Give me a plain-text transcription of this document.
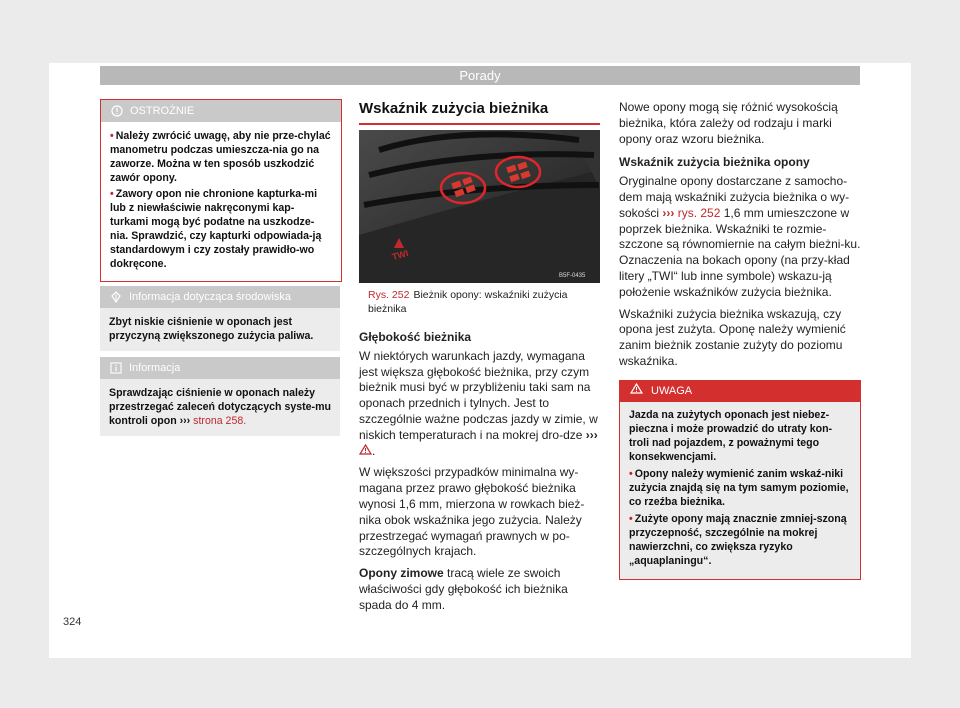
Porady
OSTROŻNIE

• Należy zwrócić uwagę, aby nie prze-chylać manometru podczas umieszcza-nia go na zaworze. Można w ten sposób uszkodzić zawór opony.

• Zawory opon nie chronione kapturka-mi lub z niewłaściwie nakręconymi kap-turkami mogą być podatne na uszkodze-nia. Sprawdzić, czy kapturki odpowiada-ją standardowym i czy zostały prawidło-wo dokręcone.

Informacja dotycząca środowiska
Zbyt niskie ciśnienie w oponach jest przyczyną zwiększonego zużycia paliwa.
Informacja
Sprawdzając ciśnienie w oponach należy przestrzegać zaleceń dotyczących syste-mu kontroli opon ››› strona 258.
Wskaźnik zużycia bieżnika
TWI
B5F-0435
Rys. 252 Bieżnik opony: wskaźniki zużycia bieżnika
Głębokość bieżnika

W niektórych warunkach jazdy, wymagana jest większa głębokość bieżnika, przy czym bieżnik musi być w przybliżeniu taki sam na oponach przednich i tylnych. Jest to szczególnie ważne podczas jazdy w zimie, w niskich temperaturach i na mokrej dro-dze ››› .

W większości przypadków minimalna wy-magana przez prawo głębokość bieżnika wynosi 1,6 mm, mierzona w rowkach bież-nika obok wskaźnika jego zużycia. Należy przestrzegać wymagań prawnych w po-szczególnych krajach.

Opony zimowe tracą wiele ze swoich właściwości gdy głębokość ich bieżnika spada do 4 mm.

Nowe opony mogą się różnić wysokością bieżnika, która zależy od rodzaju i marki opony oraz wzoru bieżnika.

Wskaźnik zużycia bieżnika opony

Oryginalne opony dostarczane z samocho-dem mają wskaźniki zużycia bieżnika o wy-sokości ››› rys. 252 1,6 mm umieszczone w poprzek bieżnika. Wskaźniki te rozmie-szczone są równomiernie na całym bieżni-ku. Oznaczenia na bokach opony (na przy-kład litery „TWI“ lub inne symbole) wskazu-ją położenie wskaźników zużycia bieżnika.

Wskaźniki zużycia bieżnika wskazują, czy opona jest zużyta. Oponę należy wymienić zanim bieżnik zostanie zużyty do poziomu wskaźnika.

UWAGA

Jazda na zużytych oponach jest niebez-pieczna i może prowadzić do utraty kon-troli nad pojazdem, z poważnymi tego konsekwencjami.

• Opony należy wymienić zanim wskaź-niki zużycia znajdą się na tym samym poziomie, co rzeźba bieżnika.

• Zużyte opony mają znacznie zmniej-szoną przyczepność, szczególnie na mokrej nawierzchni, co zwiększa ryzyko „aquaplaningu“.

324
